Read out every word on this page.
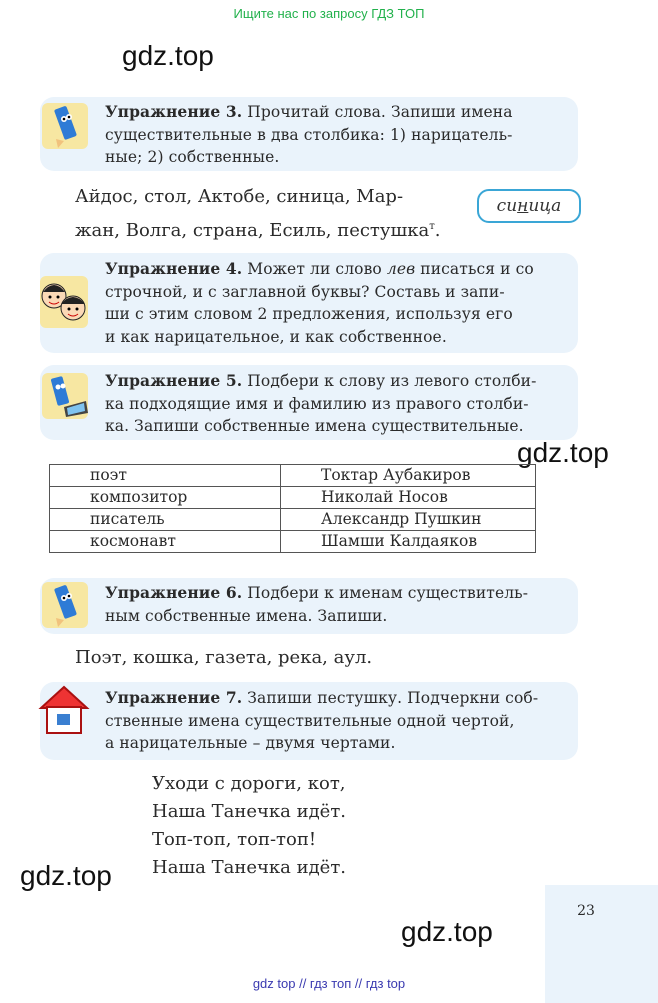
Ищите нас по запросу ГДЗ ТОП
gdz.top
Упражнение 3. Прочитай слова. Запиши имена
существительные в два столбика: 1) нарицатель-
ные; 2) собственные.
Айдос, стол, Актобе, синица, Мар-
жан, Волга, страна, Есиль, пестушка$^т$.
синица
Упражнение 4. Может ли слово лев писаться и со
строчной, и с заглавной буквы? Составь и запи-
ши с этим словом 2 предложения, используя его
и как нарицательное, и как собственное.
Упражнение 5. Подбери к слову из левого столби-
ка подходящие имя и фамилию из правого столби-
ка. Запиши собственные имена существительные.
gdz.top
поэт	Токтар Аубакиров
композитор	Николай Носов
писатель	Александр Пушкин
космонавт	Шамши Калдаяков
Упражнение 6. Подбери к именам существитель-
ным собственные имена. Запиши.
Поэт, кошка, газета, река, аул.
Упражнение 7. Запиши пестушку. Подчеркни соб-
ственные имена существительные одной чертой,
а нарицательные – двумя чертами.
Уходи с дороги, кот,
Наша Танечка идёт.
Топ-топ, топ-топ!
Наша Танечка идёт.
gdz.top
23
gdz.top
gdz top // гдз топ // гдз top
